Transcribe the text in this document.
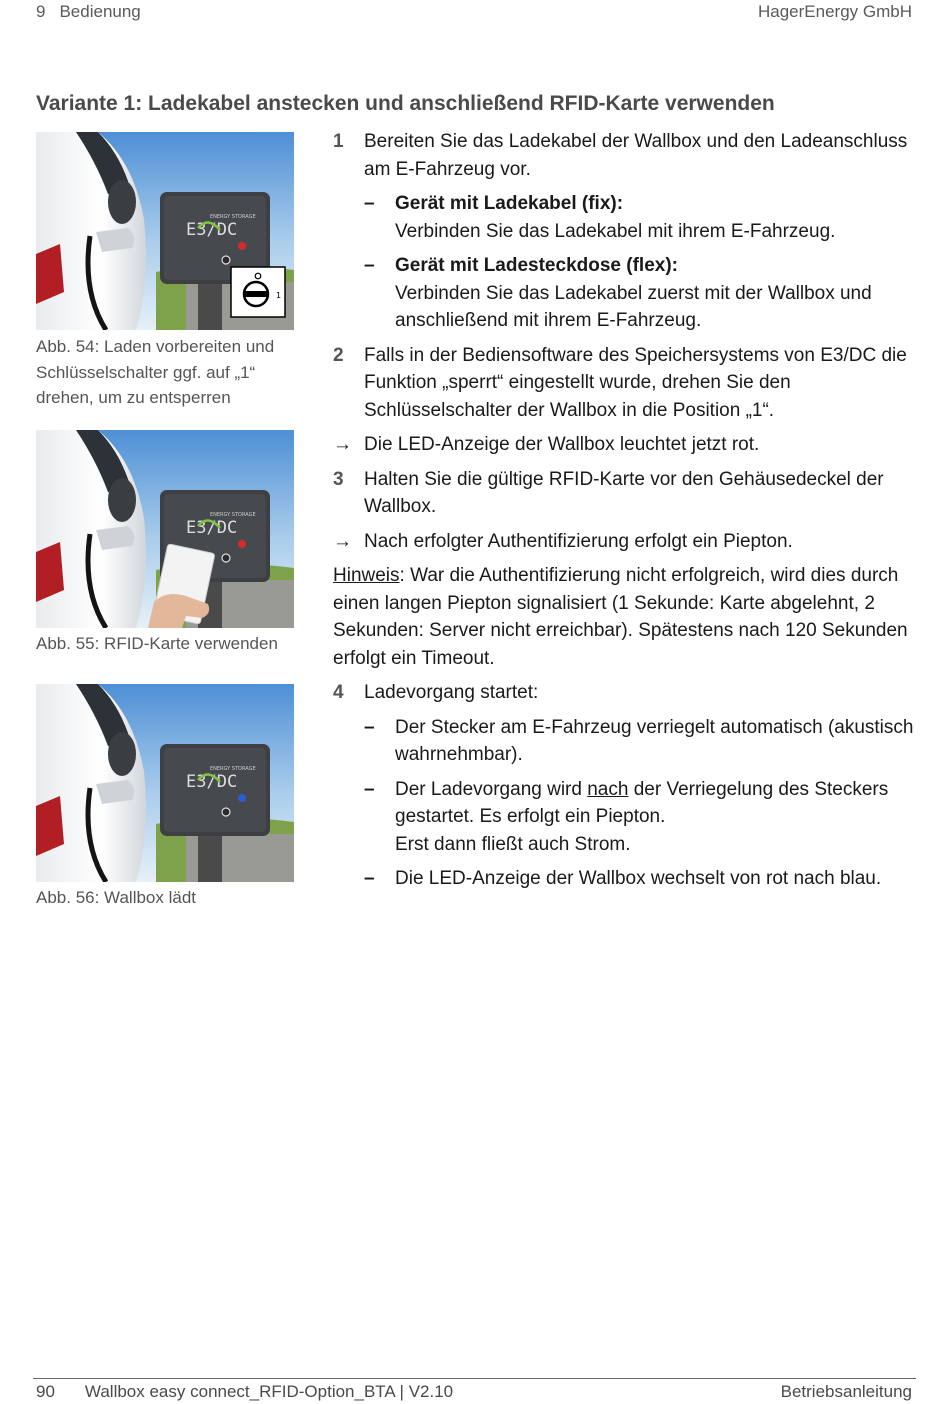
9 Bedienung	HagerEnergy GmbH
Variante 1: Ladekabel anstecken und anschließend RFID-Karte verwenden
ENERGY STORAGE
E3/DC
1

Abb. 54: Laden vorbereiten und Schlüsselschalter ggf. auf „1“ drehen, um zu entsperren

ENERGY STORAGE
E3/DC

Abb. 55: RFID-Karte verwenden

ENERGY STORAGE
E3/DC

Abb. 56: Wallbox lädt

1 Bereiten Sie das Ladekabel der Wallbox und den Ladeanschluss am E-Fahrzeug vor.
– Gerät mit Ladekabel (fix):
Verbinden Sie das Ladekabel mit ihrem E-Fahrzeug.
– Gerät mit Ladesteckdose (flex):
Verbinden Sie das Ladekabel zuerst mit der Wallbox und anschließend mit ihrem E-Fahrzeug.
2 Falls in der Bediensoftware des Speichersystems von E3/DC die Funktion „sperrt“ eingestellt wurde, drehen Sie den Schlüsselschalter der Wallbox in die Position „1“.
→ Die LED-Anzeige der Wallbox leuchtet jetzt rot.
3 Halten Sie die gültige RFID-Karte vor den Gehäusedeckel der Wallbox.
→ Nach erfolgter Authentifizierung erfolgt ein Piepton.

Hinweis: War die Authentifizierung nicht erfolgreich, wird dies durch einen langen Piepton signalisiert (1 Sekunde: Karte abgelehnt, 2 Sekunden: Server nicht erreichbar). Spätestens nach 120 Sekunden erfolgt ein Timeout.

4 Ladevorgang startet:
– Der Stecker am E-Fahrzeug verriegelt automatisch (akustisch wahrnehmbar).
– Der Ladevorgang wird nach der Verriegelung des Steckers gestartet. Es erfolgt ein Piepton.
Erst dann fließt auch Strom.
– Die LED-Anzeige der Wallbox wechselt von rot nach blau.
90 Wallbox easy connect_RFID-Option_BTA | V2.10	Betriebsanleitung
